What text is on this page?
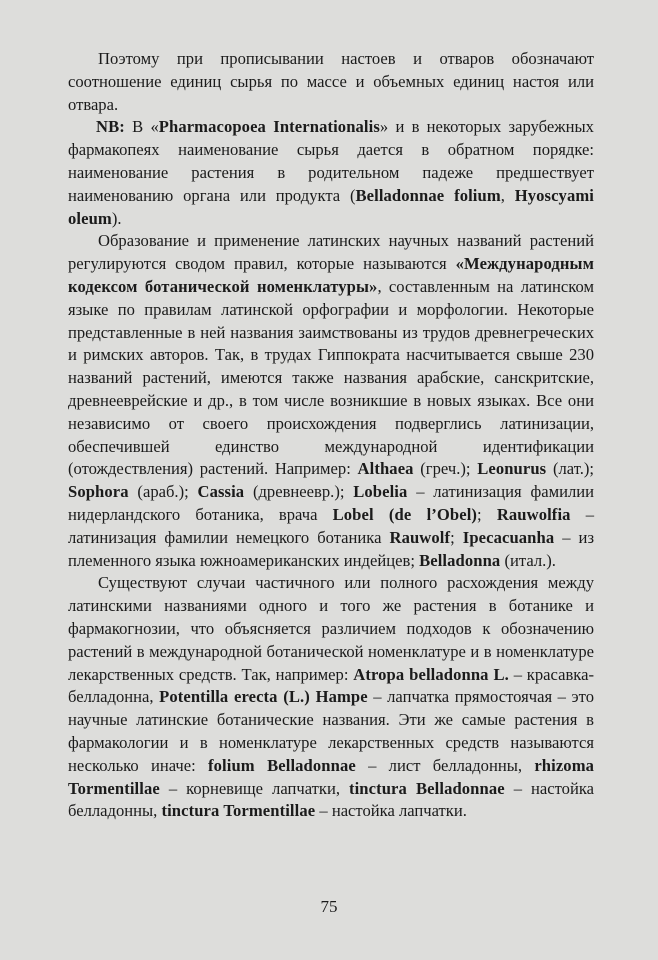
Поэтому при прописывании настоев и отваров обозначают соотношение единиц сырья по массе и объемных единиц настоя или отвара.

NB: В «Pharmacopoea Internationalis» и в некоторых зарубежных фармакопеях наименование сырья дается в обратном порядке: наименование растения в родительном падеже предшествует наименованию органа или продукта (Belladonnae folium, Hyoscyami oleum).

Образование и применение латинских научных названий растений регулируются сводом правил, которые называются «Международным кодексом ботанической номенклатуры», составленным на латинском языке по правилам латинской орфографии и морфологии. Некоторые представленные в ней названия заимствованы из трудов древнегреческих и римских авторов. Так, в трудах Гиппократа насчитывается свыше 230 названий растений, имеются также названия арабские, санскритские, древнееврейские и др., в том числе возникшие в новых языках. Все они независимо от своего происхождения подверглись латинизации, обеспечившей единство международной идентификации (отождествления) растений. Например: Althaea (греч.); Leonurus (лат.); Sophora (араб.); Cassia (древнеевр.); Lobelia – латинизация фамилии нидерландского ботаника, врача Lobel (de l’Obel); Rauwolfia – латинизация фамилии немецкого ботаника Rauwolf; Ipecacuanha – из племенного языка южноамериканских индейцев; Belladonna (итал.).

Существуют случаи частичного или полного расхождения между латинскими названиями одного и того же растения в ботанике и фармакогнозии, что объясняется различием подходов к обозначению растений в международной ботанической номенклатуре и в номенклатуре лекарственных средств. Так, например: Atropa belladonna L. – красавка-белладонна, Potentilla erecta (L.) Hampe – лапчатка прямостоячая – это научные латинские ботанические названия. Эти же самые растения в фармакологии и в номенклатуре лекарственных средств называются несколько иначе: folium Belladonnae – лист белладонны, rhizoma Tormentillae – корневище лапчатки, tinctura Belladonnae – настойка белладонны, tinctura Tormentillae – настойка лапчатки.

75
